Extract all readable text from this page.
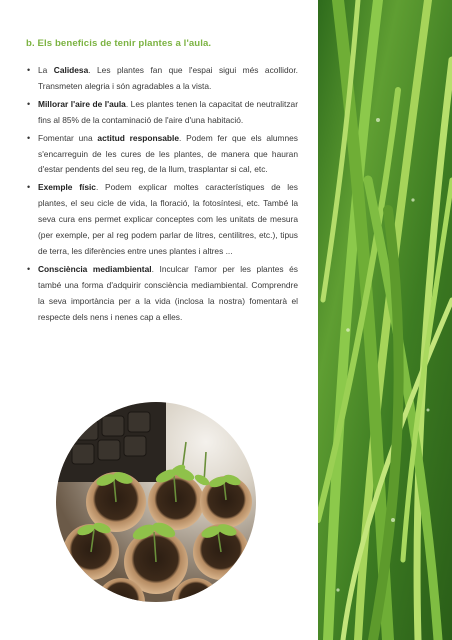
b. Els beneficis de tenir plantes a l'aula.
• La Calidesa. Les plantes fan que l'espai sigui més acollidor. Transmeten alegria i són agradables a la vista.
• Millorar l'aire de l'aula. Les plantes tenen la capacitat de neutralitzar fins al 85% de la contaminació de l'aire d'una habitació.
• Fomentar una actitud responsable. Podem fer que els alumnes s'encarreguin de les cures de les plantes, de manera que hauran d'estar pendents del seu reg, de la llum, trasplantar si cal, etc.
• Exemple físic. Podem explicar moltes característiques de les plantes, el seu cicle de vida, la floració, la fotosíntesi, etc. També la seva cura ens permet explicar conceptes com les unitats de mesura (per exemple, per al reg podem parlar de litres, centilitres, etc.), tipus de terra, les diferències entre unes plantes i altres ...
• Consciència mediambiental. Inculcar l'amor per les plantes és també una forma d'adquirir consciència mediambiental. Comprendre la seva importància per a la vida (inclosa la nostra) fomentarà el respecte dels nens i nenes cap a elles.
